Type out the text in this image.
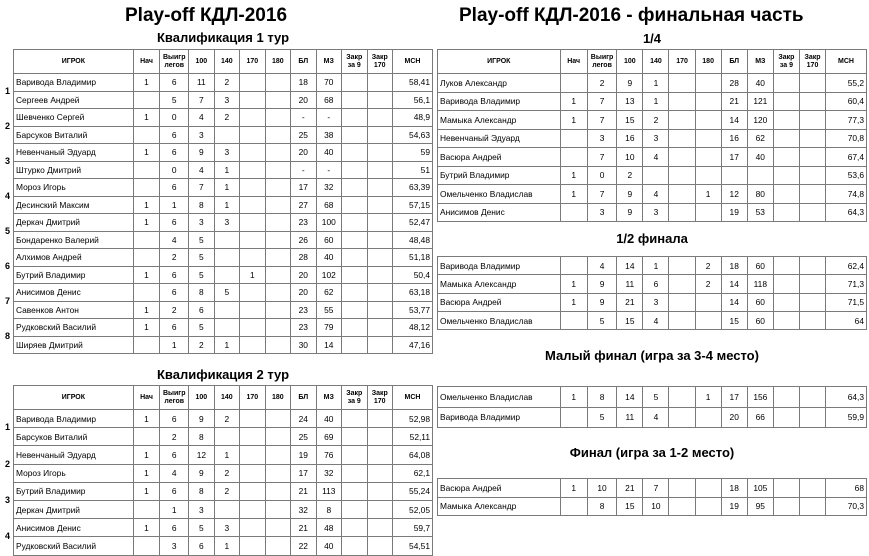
Play-off КДЛ-2016	Play-off КДЛ-2016 - финальная часть
Квалификация 1 тур
Квалификация 2 тур
1/4
1/2 финала
Малый финал (игра за 3-4 место)
Финал (игра за 1-2 место)
1
2
3
4
5
6
7
8
1
2
3
4
ИГРОК	Нач	Выигр легов	100	140	170	180	БЛ	МЗ	Закр за 9	Закр 170	МСН
Варивода Владимир	1	6	11	2			18	70			58,41
Сергеев Андрей		5	7	3			20	68			56,1
Шевченко Сергей	1	0	4	2			-	-			48,9
Барсуков Виталий		6	3				25	38			54,63
Невенчаный Эдуард	1	6	9	3			20	40			59
Штурко Дмитрий		0	4	1			-	-			51
Мороз Игорь		6	7	1			17	32			63,39
Десинский Максим	1	1	8	1			27	68			57,15
Деркач Дмитрий	1	6	3	3			23	100			52,47
Бондаренко Валерий		4	5				26	60			48,48
Алхимов Андрей		2	5				28	40			51,18
Бутрий Владимир	1	6	5		1		20	102			50,4
Анисимов Денис		6	8	5			20	62			63,18
Савенков Антон	1	2	6				23	55			53,77
Рудковский Василий	1	6	5				23	79			48,12
Ширяев Дмитрий		1	2	1			30	14			47,16
ИГРОК	Нач	Выигр легов	100	140	170	180	БЛ	МЗ	Закр за 9	Закр 170	МСН
Варивода Владимир	1	6	9	2			24	40			52,98
Барсуков Виталий		2	8				25	69			52,11
Невенчаный Эдуард	1	6	12	1			19	76			64,08
Мороз Игорь	1	4	9	2			17	32			62,1
Бутрий Владимир	1	6	8	2			21	113			55,24
Деркач Дмитрий		1	3				32	8			52,05
Анисимов Денис	1	6	5	3			21	48			59,7
Рудковский Василий		3	6	1			22	40			54,51
ИГРОК	Нач	Выигр легов	100	140	170	180	БЛ	МЗ	Закр за 9	Закр 170	МСН
Луков Александр		2	9	1			28	40			55,2
Варивода Владимир	1	7	13	1			21	121			60,4
Мамыка Александр	1	7	15	2			14	120			77,3
Невенчаный Эдуард		3	16	3			16	62			70,8
Васюра Андрей		7	10	4			17	40			67,4
Бутрий Владимир	1	0	2								53,6
Омельченко Владислав	1	7	9	4		1	12	80			74,8
Анисимов Денис		3	9	3			19	53			64,3
Варивода Владимир		4	14	1		2	18	60			62,4
Мамыка Александр	1	9	11	6		2	14	118			71,3
Васюра Андрей	1	9	21	3			14	60			71,5
Омельченко Владислав		5	15	4			15	60			64
Омельченко Владислав	1	8	14	5		1	17	156			64,3
Варивода Владимир		5	11	4			20	66			59,9
Васюра Андрей	1	10	21	7			18	105			68
Мамыка Александр		8	15	10			19	95			70,3
